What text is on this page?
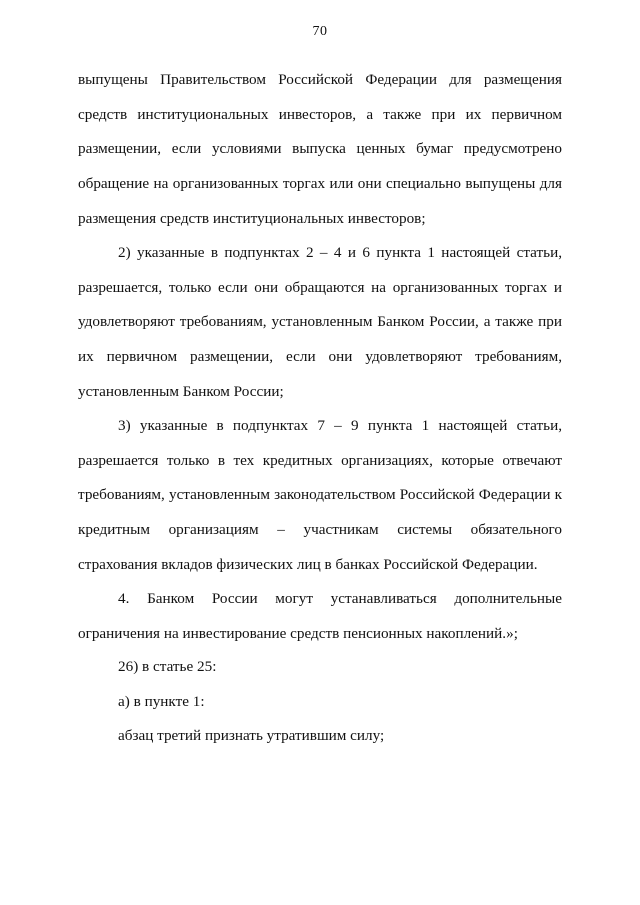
70
выпущены Правительством Российской Федерации для размещения
средств институциональных инвесторов, а также при их первичном
размещении, если условиями выпуска ценных бумаг предусмотрено
обращение на организованных торгах или они специально выпущены для
размещения средств институциональных инвесторов;
2) указанные в подпунктах 2 – 4 и 6 пункта 1 настоящей статьи,
разрешается, только если они обращаются на организованных торгах и
удовлетворяют требованиям, установленным Банком России, а также при
их первичном размещении, если они удовлетворяют требованиям,
установленным Банком России;
3) указанные в подпунктах 7 – 9 пункта 1 настоящей статьи,
разрешается только в тех кредитных организациях, которые отвечают
требованиям, установленным законодательством Российской Федерации к
кредитным организациям – участникам системы обязательного
страхования вкладов физических лиц в банках Российской Федерации.
4. Банком России могут устанавливаться дополнительные
ограничения на инвестирование средств пенсионных накоплений.»;
26) в статье 25:
а) в пункте 1:
абзац третий признать утратившим силу;
